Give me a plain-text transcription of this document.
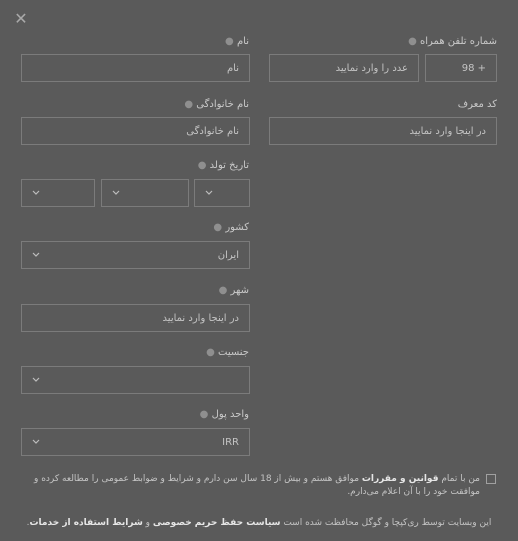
✕
نام ●	شماره تلفن همراه ●
نام	عدد را وارد نمایید	98 +
نام خانوادگی ●	کد معرف
نام خانوادگی	در اینجا وارد نمایید
تاریخ تولد ●
کشور ●
ایران
شهر ●
در اینجا وارد نمایید
جنسیت ●
واحد پول ●
IRR
من با تمام قوانین و مقررات موافق هستم و بیش از 18 سال سن دارم و شرایط و ضوابط عمومی را مطالعه کرده و موافقت خود را با آن اعلام می‌دارم.
این وبسایت توسط ری‌کپچا و گوگل محافظت شده است سیاست حفظ حریم خصوصی و شرایط استفاده از خدمات.
